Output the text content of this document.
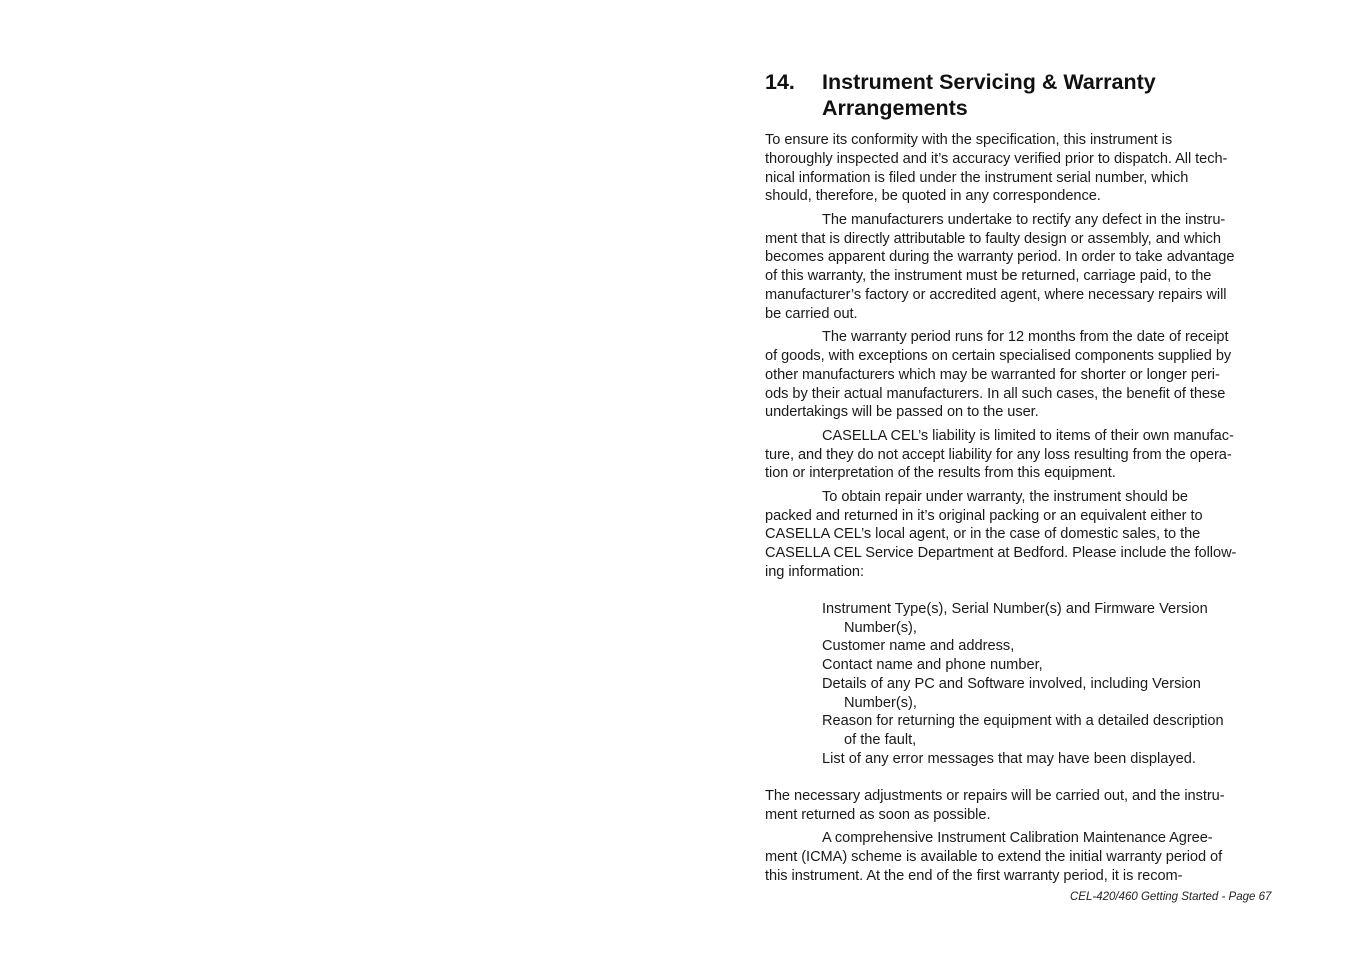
14.	Instrument Servicing & Warranty
Arrangements
To ensure its conformity with the specification, this instrument is
thoroughly inspected and it’s accuracy verified prior to dispatch. All tech-
nical information is filed under the instrument serial number, which
should, therefore, be quoted in any correspondence.
The manufacturers undertake to rectify any defect in the instru-
ment that is directly attributable to faulty design or assembly, and which
becomes apparent during the warranty period. In order to take advantage
of this warranty, the instrument must be returned, carriage paid, to the
manufacturer’s factory or accredited agent, where necessary repairs will
be carried out.
The warranty period runs for 12 months from the date of receipt
of goods, with exceptions on certain specialised components supplied by
other manufacturers which may be warranted for shorter or longer peri-
ods by their actual manufacturers. In all such cases, the benefit of these
undertakings will be passed on to the user.
CASELLA CEL’s liability is limited to items of their own manufac-
ture, and they do not accept liability for any loss resulting from the opera-
tion or interpretation of the results from this equipment.
To obtain repair under warranty, the instrument should be
packed and returned in it’s original packing or an equivalent either to
CASELLA CEL’s local agent, or in the case of domestic sales, to the
CASELLA CEL Service Department at Bedford. Please include the follow-
ing information:
Instrument Type(s), Serial Number(s) and Firmware Version
Number(s),
Customer name and address,
Contact name and phone number,
Details of any PC and Software involved, including Version
Number(s),
Reason for returning the equipment with a detailed description
of the fault,
List of any error messages that may have been displayed.
The necessary adjustments or repairs will be carried out, and the instru-
ment returned as soon as possible.
A comprehensive Instrument Calibration Maintenance Agree-
ment (ICMA) scheme is available to extend the initial warranty period of
this instrument. At the end of the first warranty period, it is recom-
CEL-420/460 Getting Started - Page 67
